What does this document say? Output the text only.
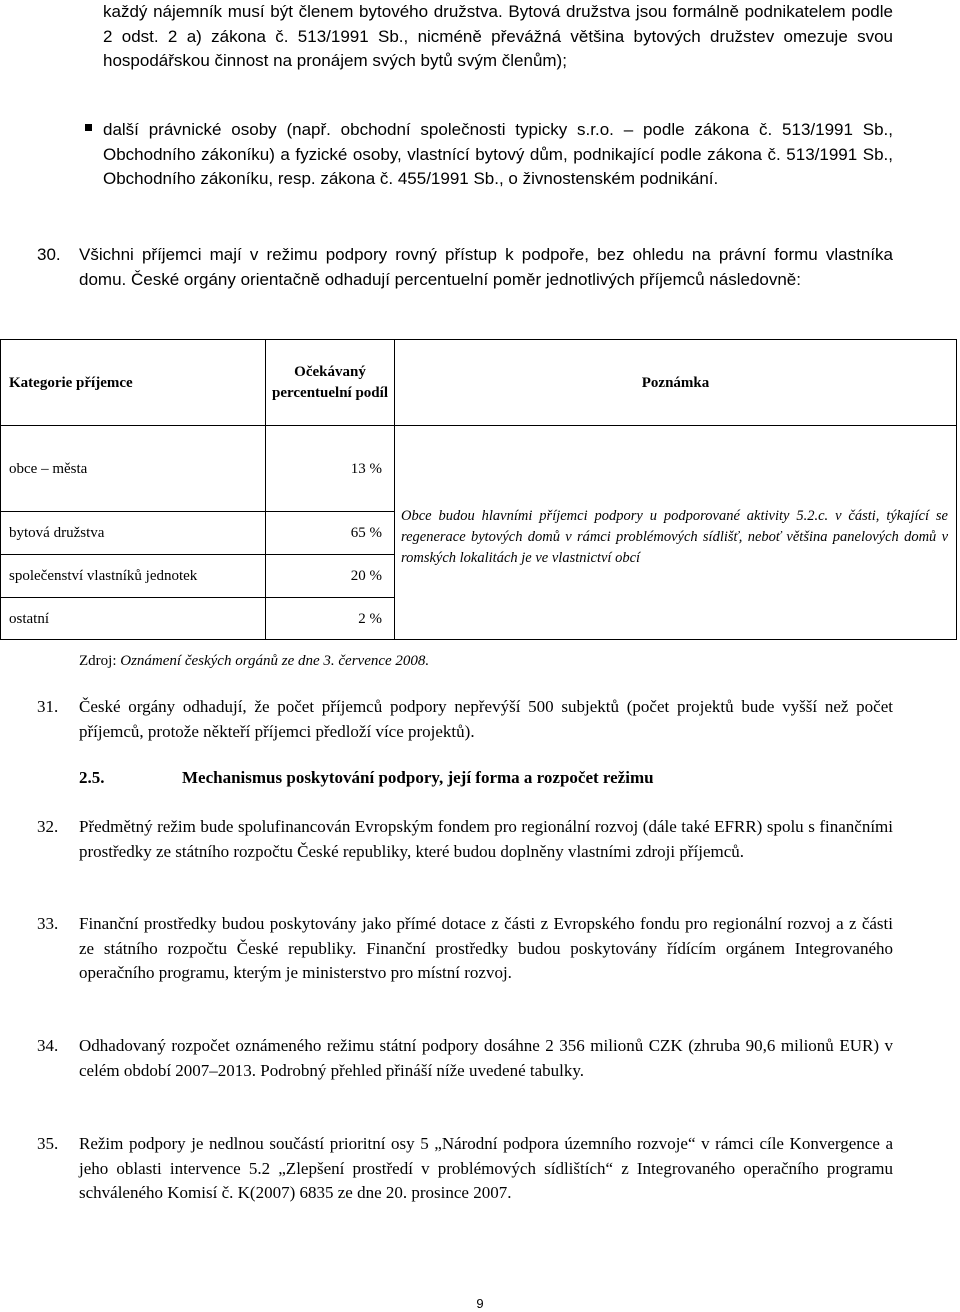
každý nájemník musí být členem bytového družstva. Bytová družstva jsou formálně podnikatelem podle 2 odst. 2 a) zákona č. 513/1991 Sb., nicméně převážná většina bytových družstev omezuje svou hospodářskou činnost na pronájem svých bytů svým členům);
další právnické osoby (např. obchodní společnosti typicky s.r.o. – podle zákona č. 513/1991 Sb., Obchodního zákoníku) a fyzické osoby, vlastnící bytový dům, podnikající podle zákona č. 513/1991 Sb., Obchodního zákoníku, resp. zákona č. 455/1991 Sb., o živnostenském podnikání.
30. Všichni příjemci mají v režimu podpory rovný přístup k podpoře, bez ohledu na právní formu vlastníka domu. České orgány orientačně odhadují percentuelní poměr jednotlivých příjemců následovně:
Kategorie příjemce	Očekávaný percentuelní podíl	Poznámka
obce – města	13 %	Obce budou hlavními příjemci podpory u podporované aktivity 5.2.c. v části, týkající se regenerace bytových domů v rámci problémových sídlišť, neboť většina panelových domů v romských lokalitách je ve vlastnictví obcí

bytová družstva	65 %	
společenství vlastníků jednotek	20 %	
ostatní	2 %	
Zdroj: Oznámení českých orgánů ze dne 3. července 2008.
31. České orgány odhadují, že počet příjemců podpory nepřevýší 500 subjektů (počet projektů bude vyšší než počet příjemců, protože někteří příjemci předloží více projektů).
2.5.	Mechanismus poskytování podpory, její forma a rozpočet režimu
32. Předmětný režim bude spolufinancován Evropským fondem pro regionální rozvoj (dále také EFRR) spolu s finančními prostředky ze státního rozpočtu České republiky, které budou doplněny vlastními zdroji příjemců.
33. Finanční prostředky budou poskytovány jako přímé dotace z části z Evropského fondu pro regionální rozvoj a z části ze státního rozpočtu České republiky. Finanční prostředky budou poskytovány řídícím orgánem Integrovaného operačního programu, kterým je ministerstvo pro místní rozvoj.
34. Odhadovaný rozpočet oznámeného režimu státní podpory dosáhne 2 356 milionů CZK (zhruba 90,6 milionů EUR) v celém období 2007–2013. Podrobný přehled přináší níže uvedené tabulky.
35. Režim podpory je nedlnou součástí prioritní osy 5 „Národní podpora územního rozvoje“ v rámci cíle Konvergence a jeho oblasti intervence 5.2 „Zlepšení prostředí v problémových sídlištích“ z Integrovaného operačního programu schváleného Komisí č. K(2007) 6835 ze dne 20. prosince 2007.
9
